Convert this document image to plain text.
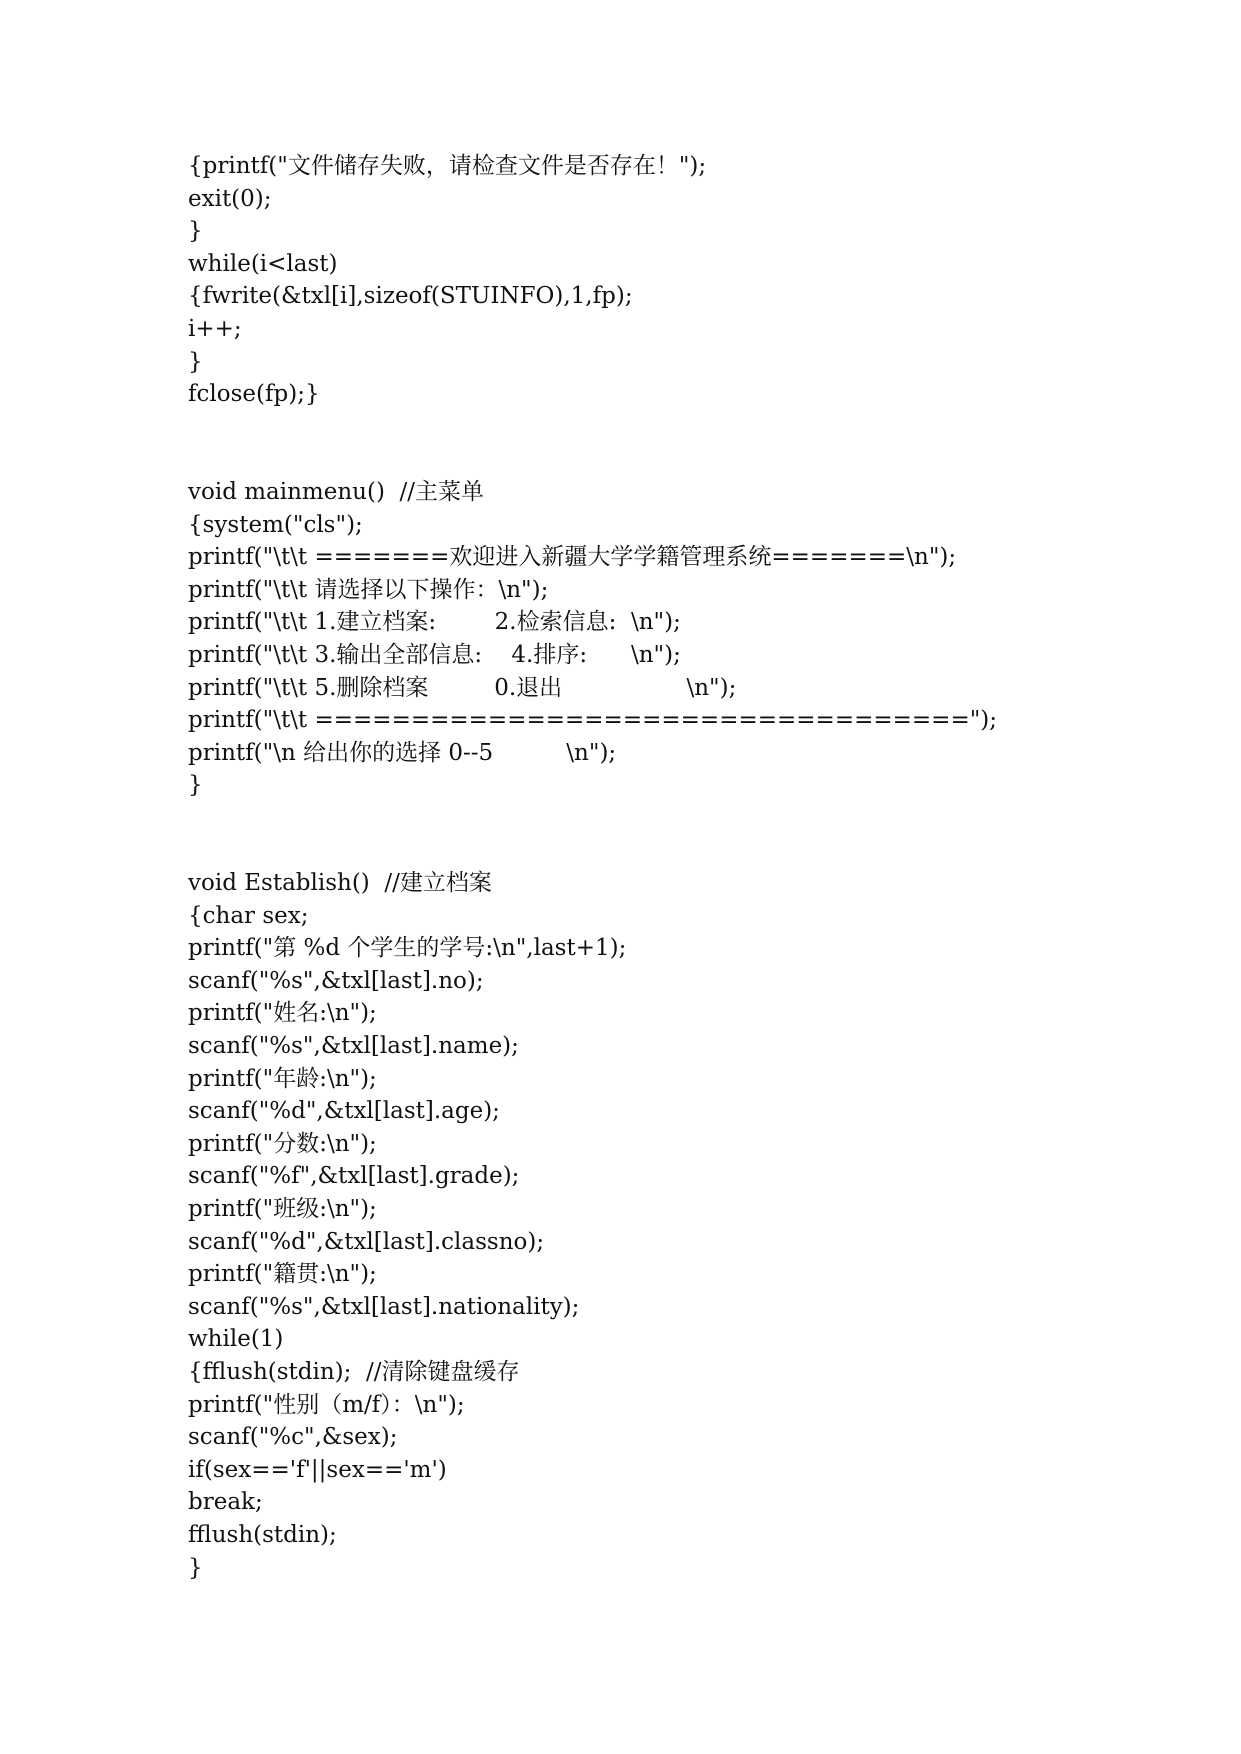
{printf("文件储存失败，请检查文件是否存在！");
exit(0);
}
while(i<last)
{fwrite(&txl[i],sizeof(STUINFO),1,fp);
i++;
}
fclose(fp);}
void mainmenu()  //主菜单
{system("cls");
printf("\t\t =======欢迎进入新疆大学学籍管理系统=======\n");
printf("\t\t 请选择以下操作：\n");
printf("\t\t 1.建立档案:        2.检索信息:  \n");
printf("\t\t 3.输出全部信息:    4.排序:      \n");
printf("\t\t 5.删除档案         0.退出                 \n");
printf("\t\t ==================================");
printf("\n 给出你的选择 0--5          \n");
}
void Establish()  //建立档案
{char sex;
printf("第 %d 个学生的学号:\n",last+1);
scanf("%s",&txl[last].no);
printf("姓名:\n");
scanf("%s",&txl[last].name);
printf("年龄:\n");
scanf("%d",&txl[last].age);
printf("分数:\n");
scanf("%f",&txl[last].grade);
printf("班级:\n");
scanf("%d",&txl[last].classno);
printf("籍贯:\n");
scanf("%s",&txl[last].nationality);
while(1)
{fflush(stdin);  //清除键盘缓存
printf("性别（m/f）：\n");
scanf("%c",&sex);
if(sex=='f'||sex=='m')
break;
fflush(stdin);
}
